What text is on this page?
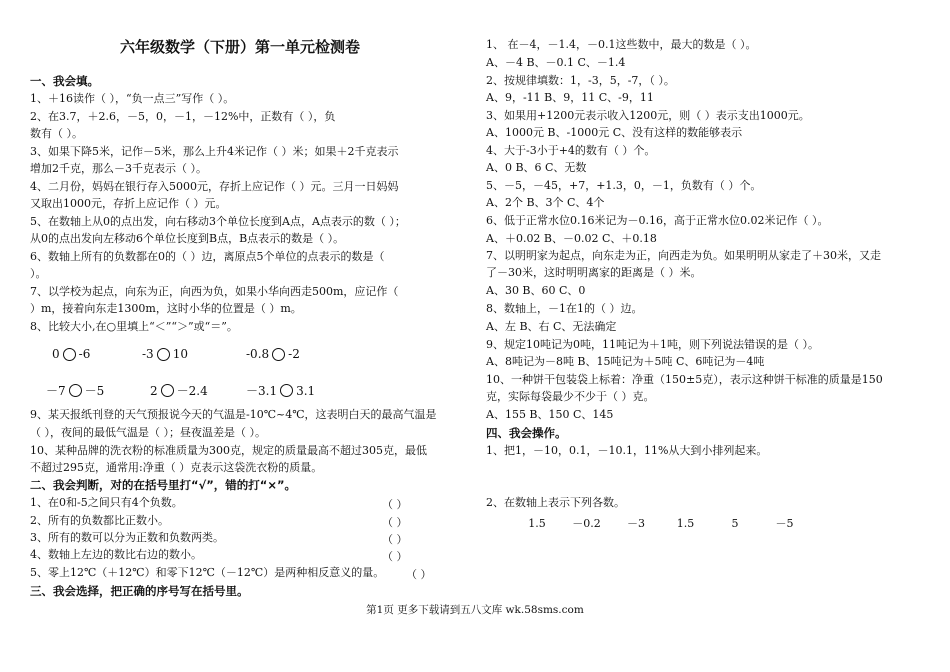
六年级数学（下册）第一单元检测卷
一、我会填。
1、＋16读作（ ），“负一点三”写作（ ）。
2、在3.7，＋2.6，－5，0，－1，－12%中，正数有（ ），负
数有（ ）。
3、如果下降5米，记作－5米，那么上升4米记作（ ）米；如果＋2千克表示
增加2千克，那么－3千克表示（ ）。
4、二月份，妈妈在银行存入5000元，存折上应记作（ ）元。三月一日妈妈
又取出1000元，存折上应记作（ ）元。
5、在数轴上从0的点出发，向右移动3个单位长度到A点，A点表示的数（ ）；
从0的点出发向左移动6个单位长度到B点，B点表示的数是（ ）。
6、数轴上所有的负数都在0的（ ）边，离原点5个单位的点表示的数是（
）。
7、以学校为起点，向东为正，向西为负，如果小华向西走500m，应记作（
）m，接着向东走1300m，这时小华的位置是（ ）m。
8、比较大小,在○里填上“＜”“＞”或“＝”。
0 -6	-3 10	-0.8 -2
－7 －5	2 －2.4	－3.1 3.1
9、某天报纸刊登的天气预报说今天的气温是-10℃~4℃，这表明白天的最高气温是
（ ），夜间的最低气温是（ ）；昼夜温差是（ ）。
10、某种品牌的洗衣粉的标准质量为300克，规定的质量最高不超过305克，最低
不超过295克，通常用:净重（ ）克表示这袋洗衣粉的质量。
二、我会判断，对的在括号里打“√”，错的打“×”。
1、在0和-5之间只有4个负数。	（ ）
2、所有的负数都比正数小。	（ ）
3、所有的数可以分为正数和负数两类。	（ ）
4、数轴上左边的数比右边的数小。	（ ）
5、零上12℃（＋12℃）和零下12℃（－12℃）是两种相反意义的量。 （ ）
三、我会选择，把正确的序号写在括号里。
1、 在－4，－1.4，－0.1这些数中，最大的数是（ ）。
A、－4 B、－0.1 C、－1.4
2、按规律填数：1，-3，5，-7，（ ）。
A、9，-11 B、9，11 C、-9，11
3、如果用+1200元表示收入1200元，则（ ）表示支出1000元。
A、1000元 B、-1000元 C、没有这样的数能够表示
4、大于-3小于+4的数有（ ）个。
A、0 B、6 C、无数
5、－5，－45，+7，+1.3，0，－1，负数有（ ）个。
A、2个 B、3个 C、4个
6、低于正常水位0.16米记为－0.16，高于正常水位0.02米记作（ ）。
A、＋0.02 B、－0.02 C、＋0.18
7、以明明家为起点，向东走为正，向西走为负。如果明明从家走了＋30米，又走
了－30米，这时明明离家的距离是（ ）米。
A、30 B、60 C、0
8、数轴上，－1在1的（ ）边。
A、左 B、右 C、无法确定
9、规定10吨记为0吨，11吨记为＋1吨，则下列说法错误的是（ ）。
A、8吨记为－8吨 B、15吨记为＋5吨 C、6吨记为－4吨
10、一种饼干包装袋上标着：净重（150±5克），表示这种饼干标准的质量是150
克，实际每袋最少不少于（ ）克。
A、155 B、150 C、145
四、我会操作。
1、把1，－10，0.1，－10.1，11%从大到小排列起来。
2、在数轴上表示下列各数。
1.5 －0.2 －3	1.5	5	－5
第1页 更多下载请到五八文库 wk.58sms.com
